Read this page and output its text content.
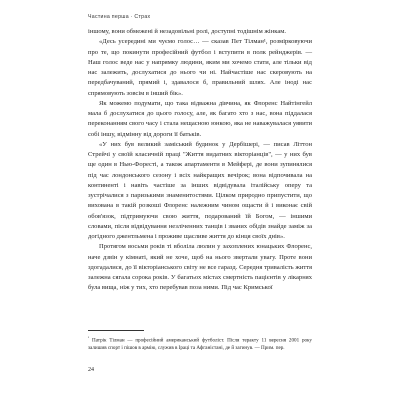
Частина перша · Страх

іншому, вони обмежені й незадовільні ролі, доступні тодішнім жінкам.

«Десь усередині ми чуємо голос… — сказав Пет Тілман¹, розмірковуючи про те, що покинути професійний футбол і вступити в полк рейнджерів. — Наш голос веде нас у напрямку людини, яким ми хочемо стати, але тільки від нас залежить, дослухатися до нього чи ні. Найчастіше нас скеровують на передбачуваний, прямий і, здавалося б, правильний шлях. Але іноді нас спрямовують зовсім в інший бік».

Як можемо подумати, що така відважна дівчина, як Флоренс Найтінгейл мала б дослухатися до цього голосу, але, як багато хто з нас, вона піддалася переконанням свого часу і стала нещасною юнкою, яка не наважувалася уявити собі іншу, відмінну від дороги її батьків.

«У них був великий заміський будинок у Дербішері, — писав Літтон Стрейчі у своїй класичній праці "Життя видатних вікторіанців", — у них був ще один в Нью-Форесті, а також апартаменти в Мейфері, де вони зупинялися під час лондонського сезону і всіх найкращих вечірок; вона відпочивала на континенті і навіть частіше за інших відвідувала італійську оперу та зустрічалися з паризькими знаменитостями. Цілком природно припустити, що вихована в такій розкоші Флоренс належним чином ощасти й і виконає свій обов'язок, підтримуючи свою життя, подарований їй Богом, — іншими словами, після відвідування незліченних танців і званих обідів знайде заміж за догідного джентльмена і проживе щасливе життя до кінця своїх днів».

Протягом восьми років ті вболіла люлин у захоплених юнацьких Флоренс, наче дзвін у кімнаті, який не хоче, щоб на нього звертали увагу. Проте вони здогадалися, до її вікторіанського світу не все гаразд. Середня тривалість життя залежна сягала сорока років. У багатьох містах смертність пацієнтів у лікарнях була вища, ніж у тих, хто перебував поза ними. Під час Кримської

$^{^1}$ Патрік Тілман — професійний американський футболіст. Після теракту 11 вересня 2001 року залишив спорт і пішов в армію, служив в Іраці та Афганістані, де й загинув. — Прим. пер.
24
